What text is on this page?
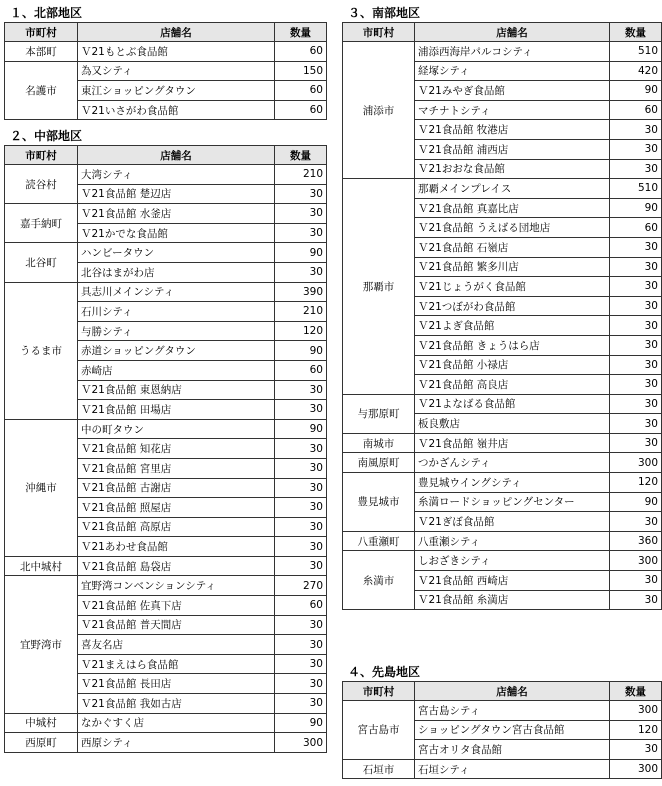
１、北部地区
市町村	店舗名	数量
本部町	Ｖ21もとぶ食品館	60
名護市	為又シティ	150
	東江ショッピングタウン	60
	Ｖ21いさがわ食品館	60
２、中部地区
市町村	店舗名	数量
読谷村	大湾シティ	210
	Ｖ21食品館 楚辺店	30
嘉手納町	Ｖ21食品館 水釜店	30
	Ｖ21かでな食品館	30
北谷町	ハンビータウン	90
	北谷はまがわ店	30
うるま市	具志川メインシティ	390
	石川シティ	210
	与勝シティ	120
	赤道ショッピングタウン	90
	赤崎店	60
	Ｖ21食品館 東恩納店	30
	Ｖ21食品館 田場店	30
沖縄市	中の町タウン	90
	Ｖ21食品館 知花店	30
	Ｖ21食品館 宮里店	30
	Ｖ21食品館 古謝店	30
	Ｖ21食品館 照屋店	30
	Ｖ21食品館 高原店	30
	Ｖ21あわせ食品館	30
北中城村	Ｖ21食品館 島袋店	30
宜野湾市	宜野湾コンベンションシティ	270
	Ｖ21食品館 佐真下店	60
	Ｖ21食品館 普天間店	30
	喜友名店	30
	Ｖ21まえはら食品館	30
	Ｖ21食品館 長田店	30
	Ｖ21食品館 我如古店	30
中城村	なかぐすく店	90
西原町	西原シティ	300
３、南部地区
市町村	店舗名	数量
浦添市	浦添西海岸パルコシティ	510
	経塚シティ	420
	Ｖ21みやぎ食品館	90
	マチナトシティ	60
	Ｖ21食品館 牧港店	30
	Ｖ21食品館 浦西店	30
	Ｖ21おおな食品館	30
那覇市	那覇メインプレイス	510
	Ｖ21食品館 真嘉比店	90
	Ｖ21食品館 うえばる団地店	60
	Ｖ21食品館 石嶺店	30
	Ｖ21食品館 繁多川店	30
	Ｖ21じょうがく食品館	30
	Ｖ21つぼがわ食品館	30
	Ｖ21よぎ食品館	30
	Ｖ21食品館 きょうはら店	30
	Ｖ21食品館 小禄店	30
	Ｖ21食品館 高良店	30
与那原町	Ｖ21よなばる食品館	30
	板良敷店	30
南城市	Ｖ21食品館 嶺井店	30
南風原町	つかざんシティ	300
豊見城市	豊見城ウイングシティ	120
	糸満ロードショッピングセンター	90
	Ｖ21ぎぼ食品館	30
八重瀬町	八重瀬シティ	360
糸満市	しおざきシティ	300
	Ｖ21食品館 西崎店	30
	Ｖ21食品館 糸満店	30
４、先島地区
市町村	店舗名	数量
宮古島市	宮古島シティ	300
	ショッピングタウン宮古食品館	120
	宮古オリタ食品館	30
石垣市	石垣シティ	300
